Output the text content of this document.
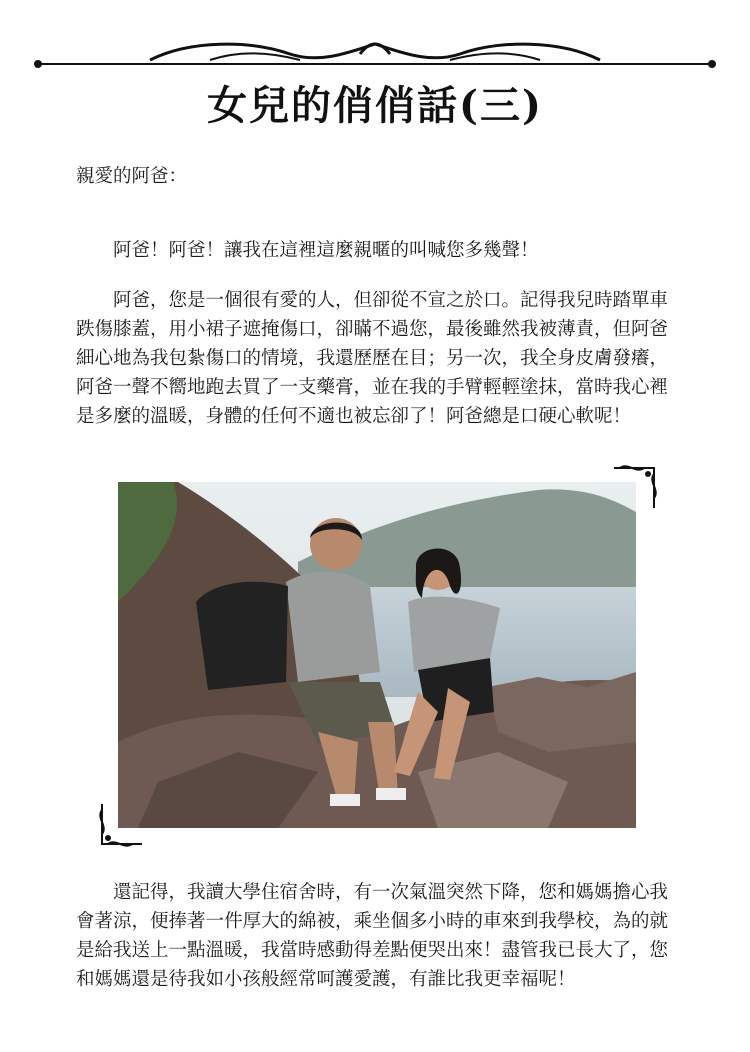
女兒的俏俏話(三)

親愛的阿爸：

阿爸！阿爸！讓我在這裡這麼親暱的叫喊您多幾聲！

阿爸，您是一個很有愛的人，但卻從不宣之於口。記得我兒時踏單車跌傷膝蓋，用小裙子遮掩傷口，卻瞞不過您，最後雖然我被薄責，但阿爸細心地為我包紮傷口的情境，我還歷歷在目；另一次，我全身皮膚發癢，阿爸一聲不嚮地跑去買了一支藥膏，並在我的手臂輕輕塗抹，當時我心裡是多麼的溫暖，身體的任何不適也被忘卻了！阿爸總是口硬心軟呢！

還記得，我讀大學住宿舍時，有一次氣溫突然下降，您和媽媽擔心我會著涼，便捧著一件厚大的綿被，乘坐個多小時的車來到我學校，為的就是給我送上一點溫暖，我當時感動得差點便哭出來！盡管我已長大了，您和媽媽還是待我如小孩般經常呵護愛護，有誰比我更幸福呢！
